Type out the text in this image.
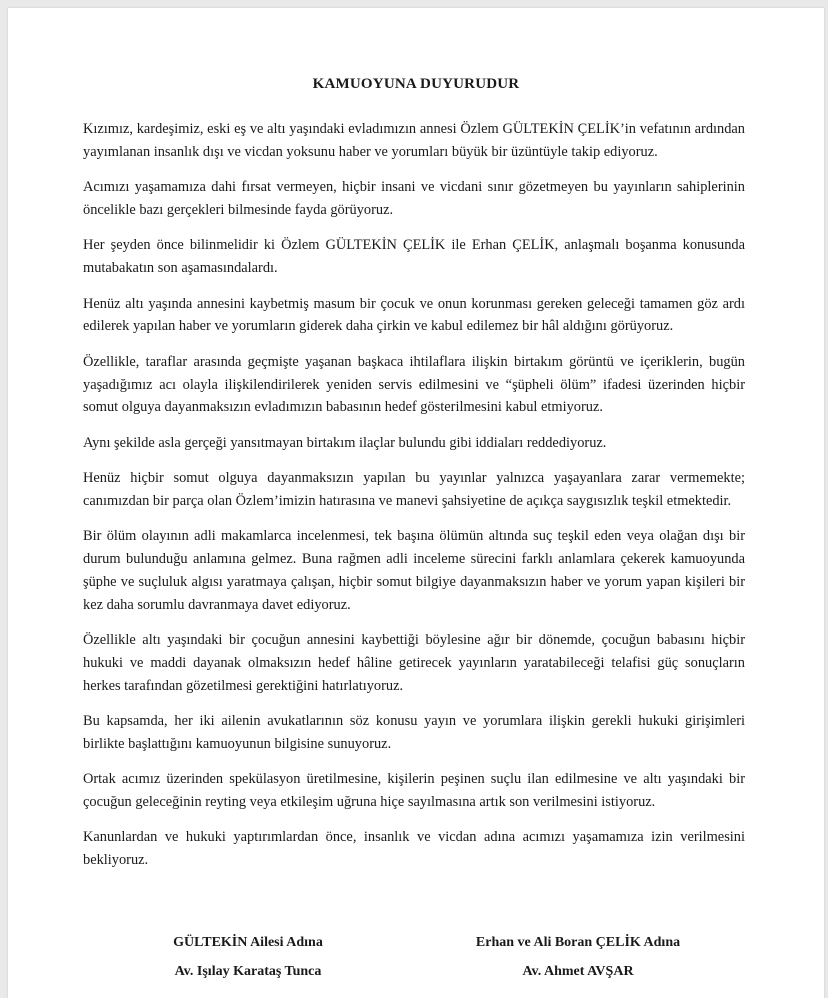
KAMUOYUNA DUYURUDUR

Kızımız, kardeşimiz, eski eş ve altı yaşındaki evladımızın annesi Özlem GÜLTEKİN ÇELİK’in vefatının ardından yayımlanan insanlık dışı ve vicdan yoksunu haber ve yorumları büyük bir üzüntüyle takip ediyoruz.

Acımızı yaşamamıza dahi fırsat vermeyen, hiçbir insani ve vicdani sınır gözetmeyen bu yayınların sahiplerinin öncelikle bazı gerçekleri bilmesinde fayda görüyoruz.

Her şeyden önce bilinmelidir ki Özlem GÜLTEKİN ÇELİK ile Erhan ÇELİK, anlaşmalı boşanma konusunda mutabakatın son aşamasındalardı.

Henüz altı yaşında annesini kaybetmiş masum bir çocuk ve onun korunması gereken geleceği tamamen göz ardı edilerek yapılan haber ve yorumların giderek daha çirkin ve kabul edilemez bir hâl aldığını görüyoruz.

Özellikle, taraflar arasında geçmişte yaşanan başkaca ihtilaflara ilişkin birtakım görüntü ve içeriklerin, bugün yaşadığımız acı olayla ilişkilendirilerek yeniden servis edilmesini ve “şüpheli ölüm” ifadesi üzerinden hiçbir somut olguya dayanmaksızın evladımızın babasının hedef gösterilmesini kabul etmiyoruz.

Aynı şekilde asla gerçeği yansıtmayan birtakım ilaçlar bulundu gibi iddiaları reddediyoruz.

Henüz hiçbir somut olguya dayanmaksızın yapılan bu yayınlar yalnızca yaşayanlara zarar vermemekte; canımızdan bir parça olan Özlem’imizin hatırasına ve manevi şahsiyetine de açıkça saygısızlık teşkil etmektedir.

Bir ölüm olayının adli makamlarca incelenmesi, tek başına ölümün altında suç teşkil eden veya olağan dışı bir durum bulunduğu anlamına gelmez. Buna rağmen adli inceleme sürecini farklı anlamlara çekerek kamuoyunda şüphe ve suçluluk algısı yaratmaya çalışan, hiçbir somut bilgiye dayanmaksızın haber ve yorum yapan kişileri bir kez daha sorumlu davranmaya davet ediyoruz.

Özellikle altı yaşındaki bir çocuğun annesini kaybettiği böylesine ağır bir dönemde, çocuğun babasını hiçbir hukuki ve maddi dayanak olmaksızın hedef hâline getirecek yayınların yaratabileceği telafisi güç sonuçların herkes tarafından gözetilmesi gerektiğini hatırlatıyoruz.

Bu kapsamda, her iki ailenin avukatlarının söz konusu yayın ve yorumlara ilişkin gerekli hukuki girişimleri birlikte başlattığını kamuoyunun bilgisine sunuyoruz.

Ortak acımız üzerinden spekülasyon üretilmesine, kişilerin peşinen suçlu ilan edilmesine ve altı yaşındaki bir çocuğun geleceğinin reyting veya etkileşim uğruna hiçe sayılmasına artık son verilmesini istiyoruz.

Kanunlardan ve hukuki yaptırımlardan önce, insanlık ve vicdan adına acımızı yaşamamıza izin verilmesini bekliyoruz.

GÜLTEKİN Ailesi Adına
Av. Işılay Karataş Tunca
Erhan ve Ali Boran ÇELİK Adına
Av. Ahmet AVŞAR
